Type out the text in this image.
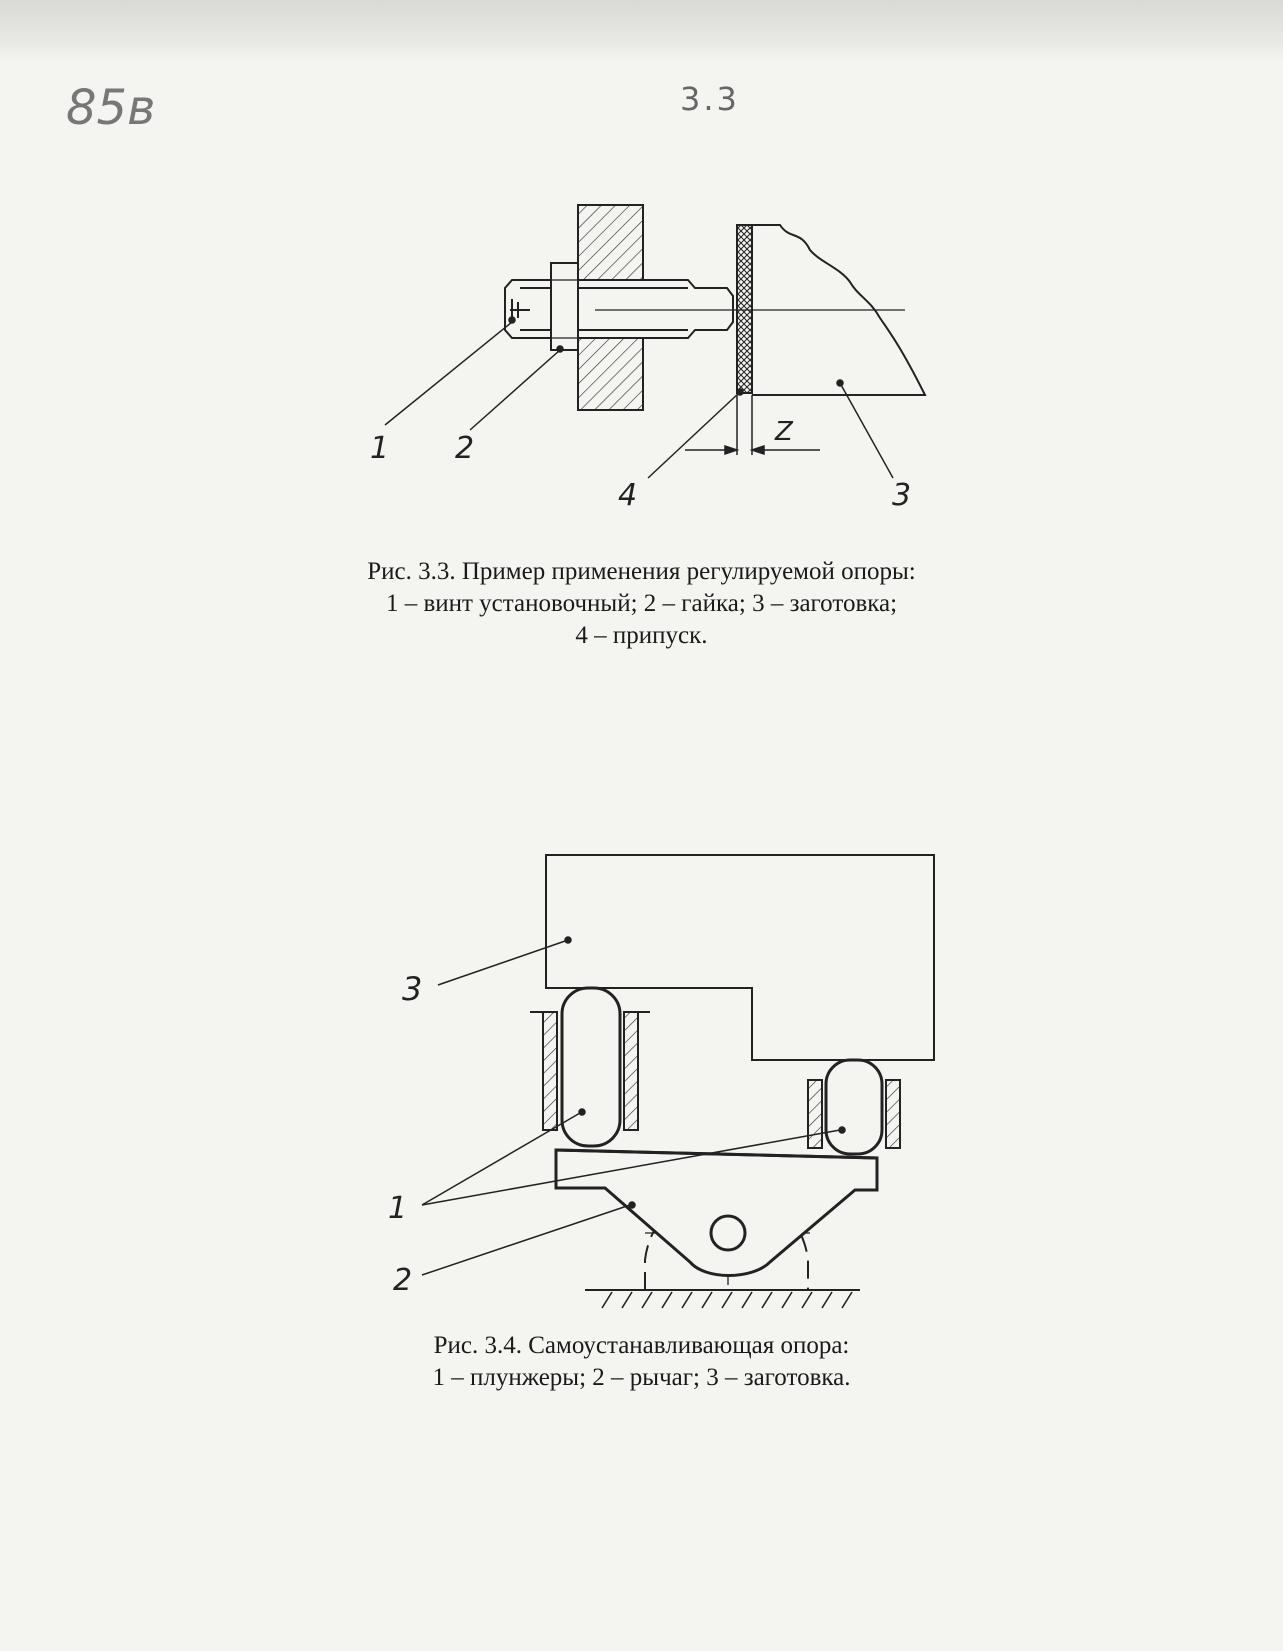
85в	3.3
1 2
3
4
Z
Рис. 3.3. Пример применения регулируемой опоры:
1 – винт установочный; 2 – гайка; 3 – заготовка;
4 – припуск.
1
2
3
Рис. 3.4. Самоустанавливающая опора:
1 – плунжеры; 2 – рычаг; 3 – заготовка.
